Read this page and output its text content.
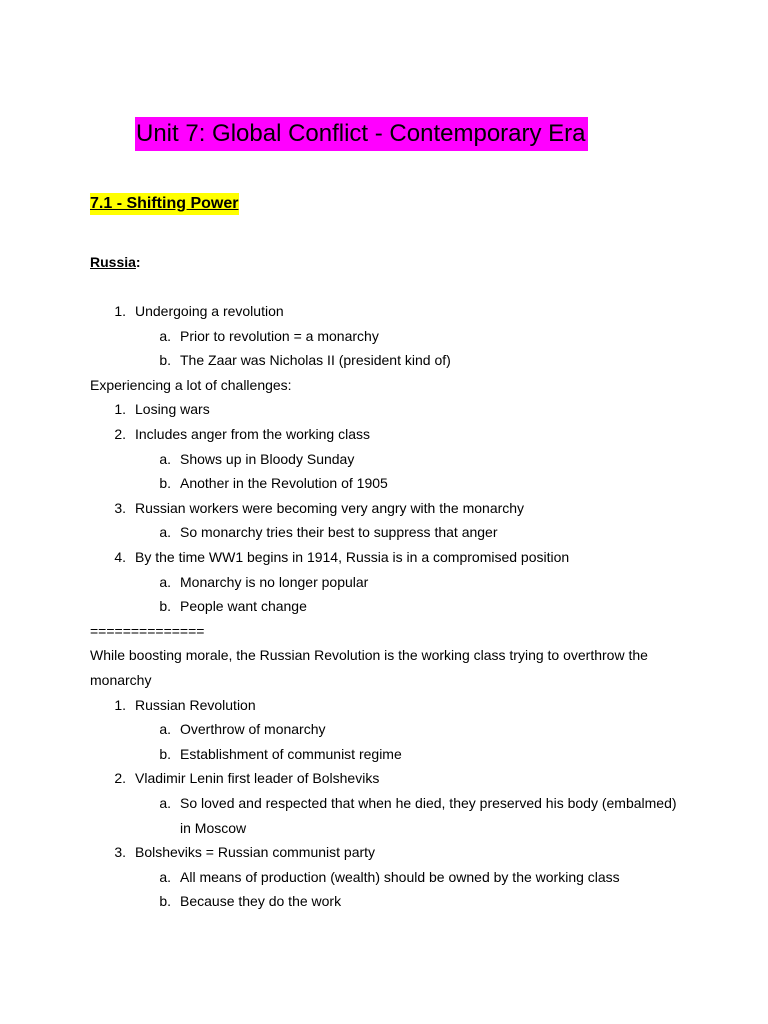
Unit 7: Global Conflict - Contemporary Era
7.1 - Shifting Power
Russia:
1. Undergoing a revolution
a. Prior to revolution = a monarchy
b. The Zaar was Nicholas II (president kind of)
Experiencing a lot of challenges:
1. Losing wars
2. Includes anger from the working class
a. Shows up in Bloody Sunday
b. Another in the Revolution of 1905
3. Russian workers were becoming very angry with the monarchy
a. So monarchy tries their best to suppress that anger
4. By the time WW1 begins in 1914, Russia is in a compromised position
a. Monarchy is no longer popular
b. People want change
==============
While boosting morale, the Russian Revolution is the working class trying to overthrow the
monarchy
1. Russian Revolution
a. Overthrow of monarchy
b. Establishment of communist regime
2. Vladimir Lenin first leader of Bolsheviks
a. So loved and respected that when he died, they preserved his body (embalmed)
in Moscow
3. Bolsheviks = Russian communist party
a. All means of production (wealth) should be owned by the working class
b. Because they do the work
